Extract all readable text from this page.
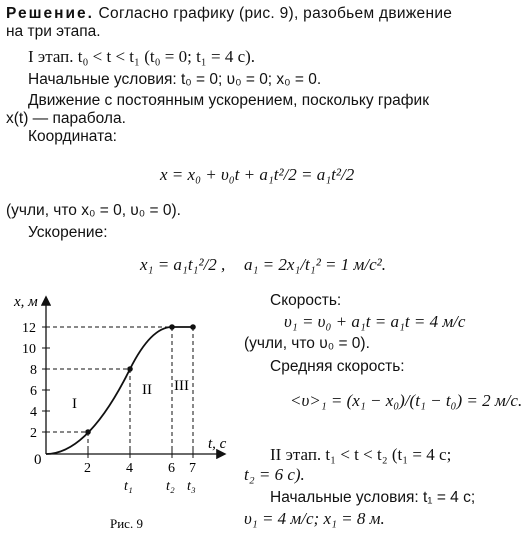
Решение. Согласно графику (рис. 9), разобьем движение
на три этапа.
I этап. t₀ < t < t₁ (t₀ = 0; t₁ = 4 с).
Начальные условия: t₀ = 0; υ₀ = 0; x₀ = 0.
Движение с постоянным ускорением, поскольку график
x(t) — парабола.
Координата:
x = x₀ + υ₀t + a₁t²/2 = a₁t²/2
(учли, что x₀ = 0, υ₀ = 0).
Ускорение:
x₁ = a₁t₁²/2 , a₁ = 2x₁/t₁² = 1 м/с².
Скорость:
υ₁ = υ₀ + a₁t = a₁t = 4 м/с
(учли, что υ₀ = 0).
Средняя скорость:
<υ>₁ = (x₁ − x₀)/(t₁ − t₀) = 2 м/с.
II этап. t₁ < t < t₂ (t₁ = 4 с;
t₂ = 6 с).
Начальные условия: t₁ = 4 с;
υ₁ = 4 м/с; x₁ = 8 м.
x, м
t, с
0
2
4
6
8
10
12
2	4	6 7
t₁ t₂ t₃
I
II III
Рис. 9
